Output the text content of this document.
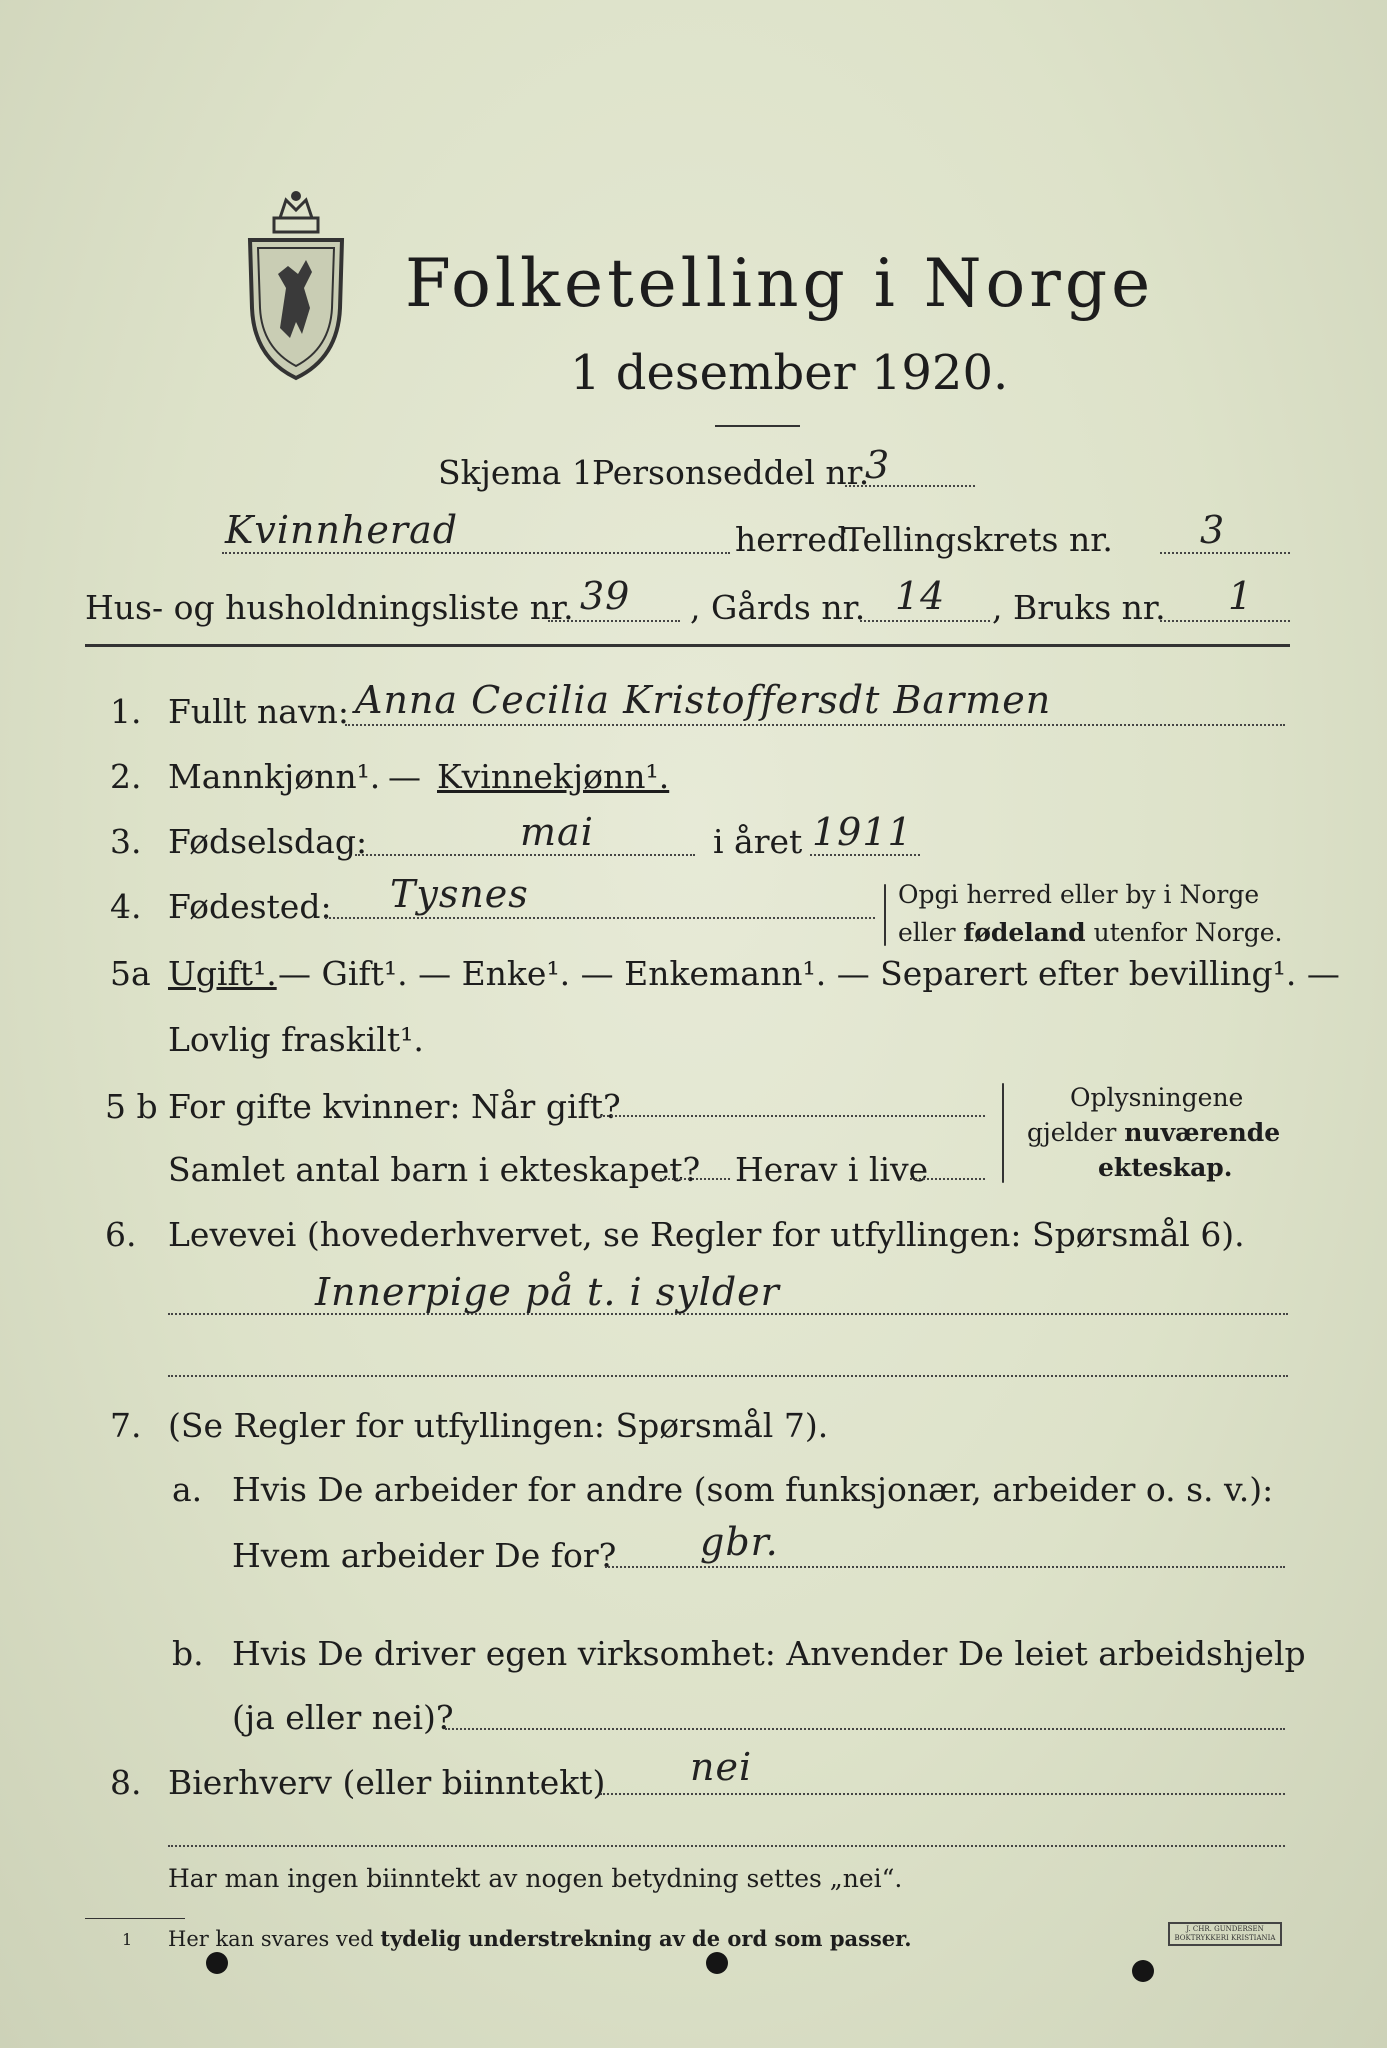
Folketelling i Norge
1 desember 1920.
Skjema 1.
Personseddel nr.
3
Kvinnherad	herred.
Tellingskrets nr. 3
Hus- og husholdningsliste nr. 39 , Gårds nr. 14 , Bruks nr. 1
1. Fullt navn: Anna Cecilia Kristoffersdt Barmen
2. Mannkjønn¹. — Kvinnekjønn¹.
3. Fødselsdag:	mai	i året 1911
4. Fødested: Tysnes	Opgi herred eller by i Norge
eller fødeland utenfor Norge.
5a Ugift¹. — Gift¹. — Enke¹. — Enkemann¹. — Separert efter bevilling¹. —
Lovlig fraskilt¹.
5 b For gifte kvinner: Når gift?
Samlet antal barn i ekteskapet? Herav i live
Oplysningene
gjelder nuværende
ekteskap.
6. Levevei (hovederhvervet, se Regler for utfyllingen: Spørsmål 6).
Innerpige på t. i sylder
7. (Se Regler for utfyllingen: Spørsmål 7).
a. Hvis De arbeider for andre (som funksjonær, arbeider o. s. v.):
Hvem arbeider De for? gbr.
b. Hvis De driver egen virksomhet: Anvender De leiet arbeidshjelp
(ja eller nei)?
8. Bierhverv (eller biinntekt) nei
Har man ingen biinntekt av nogen betydning settes „nei“.
1 Her kan svares ved tydelig understrekning av de ord som passer.	J. CHR. GUNDERSEN BOKTRYKKERI KRISTIANIA
